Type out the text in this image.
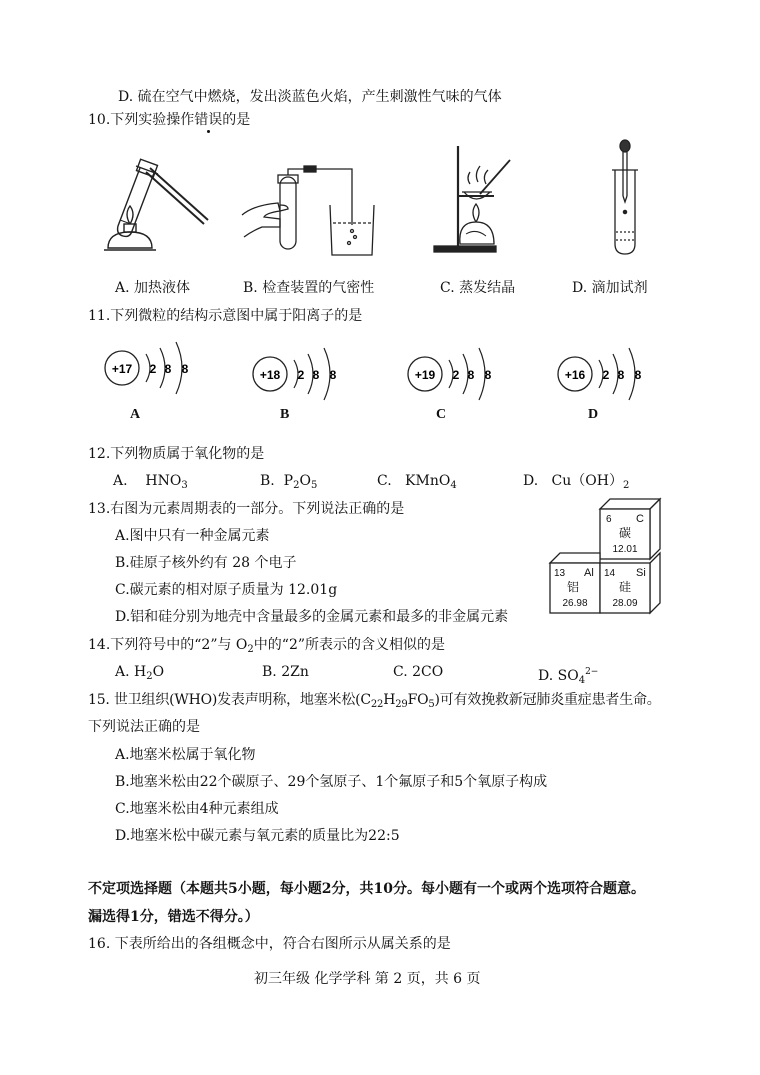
D. 硫在空气中燃烧，发出淡蓝色火焰，产生刺激性气味的气体
10.下列实验操作错误的是
A. 加热液体	B. 检查装置的气密性	C. 蒸发结晶	D. 滴加试剂
11.下列微粒的结构示意图中属于阳离子的是
+17 2 8 8	+18 2 8 8	+19 2 8 8	+16 2 8 8
A	B	C	D
12.下列物质属于氧化物的是
A. $HNO_3$	B. $P_2O_5$	C. KMnO$_4$	D. $Cu(OH)_2$
13.右图为元素周期表的一部分。下列说法正确的是
A.图中只有一种金属元素
B.硅原子核外约有 28 个电子
C.碳元素的相对原子质量为 12.01g
D.铝和硅分别为地壳中含量最多的金属元素和最多的非金属元素
6 C
碳
12.01
13 Al
铝
26.98
14 Si
硅
28.09
14.下列符号中的“2”与 $O_2$中的“2”所表示的含义相似的是
A. $H_2O$	B. 2Zn	C. 2CO	D. $SO_4^{2-}$
15. 世卫组织(WHO)发表声明称，地塞米松$(C_{22}H_{29}FO_5)$可有效挽救新冠肺炎重症患者生命。
下列说法正确的是
A.地塞米松属于氧化物
B.地塞米松由22个碳原子、29个氢原子、1个氟原子和5个氧原子构成
C.地塞米松由4种元素组成
D.地塞米松中碳元素与氧元素的质量比为22:5
不定项选择题（本题共5小题，每小题2分，共10分。每小题有一个或两个选项符合题意。
漏选得1分，错选不得分。）
16. 下表所给出的各组概念中，符合右图所示从属关系的是
初三年级 化学学科 第 2 页，共 6 页
